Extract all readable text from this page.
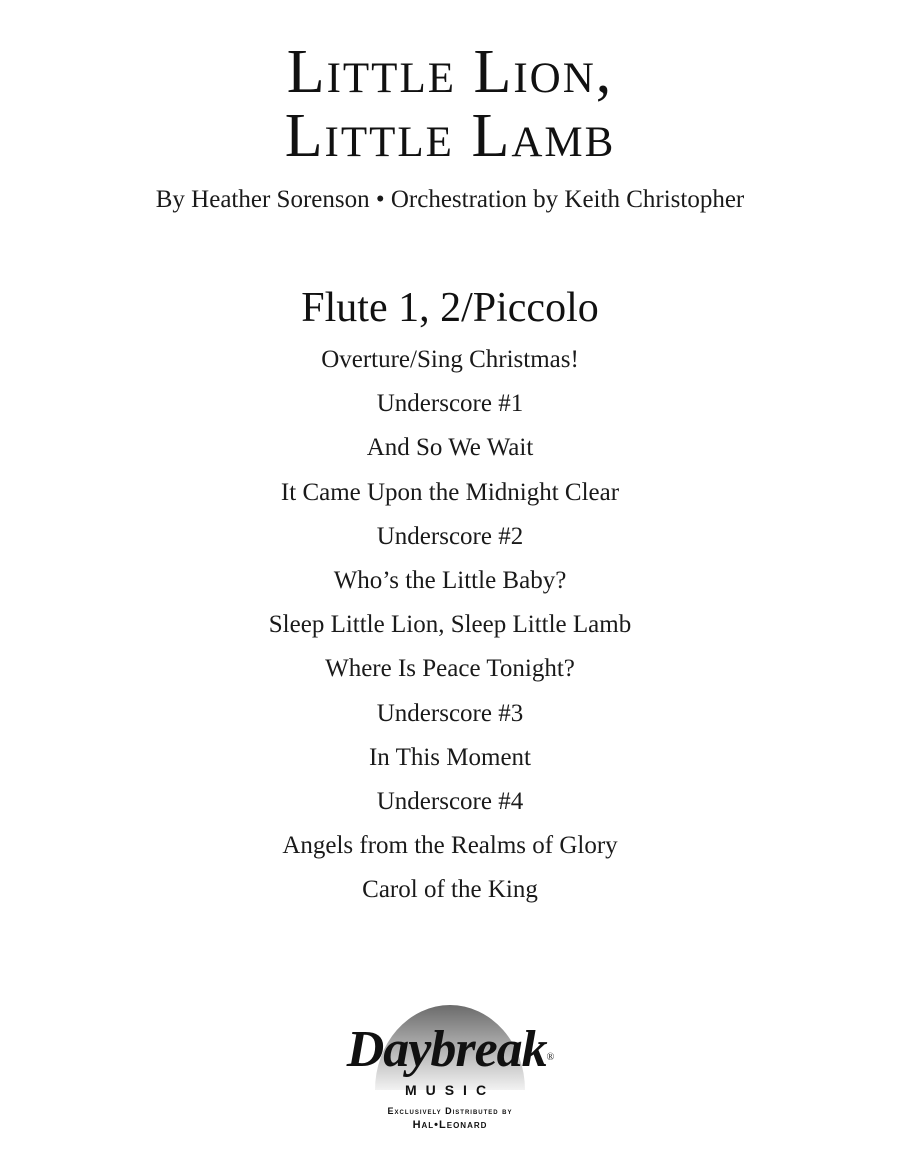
Little Lion,
Little Lamb
By Heather Sorenson • Orchestration by Keith Christopher
Flute 1, 2/Piccolo
Overture/Sing Christmas!
Underscore #1
And So We Wait
It Came Upon the Midnight Clear
Underscore #2
Who’s the Little Baby?
Sleep Little Lion, Sleep Little Lamb
Where Is Peace Tonight?
Underscore #3
In This Moment
Underscore #4
Angels from the Realms of Glory
Carol of the King
Daybreak®
MUSIC
Exclusively Distributed by
Hal•Leonard
